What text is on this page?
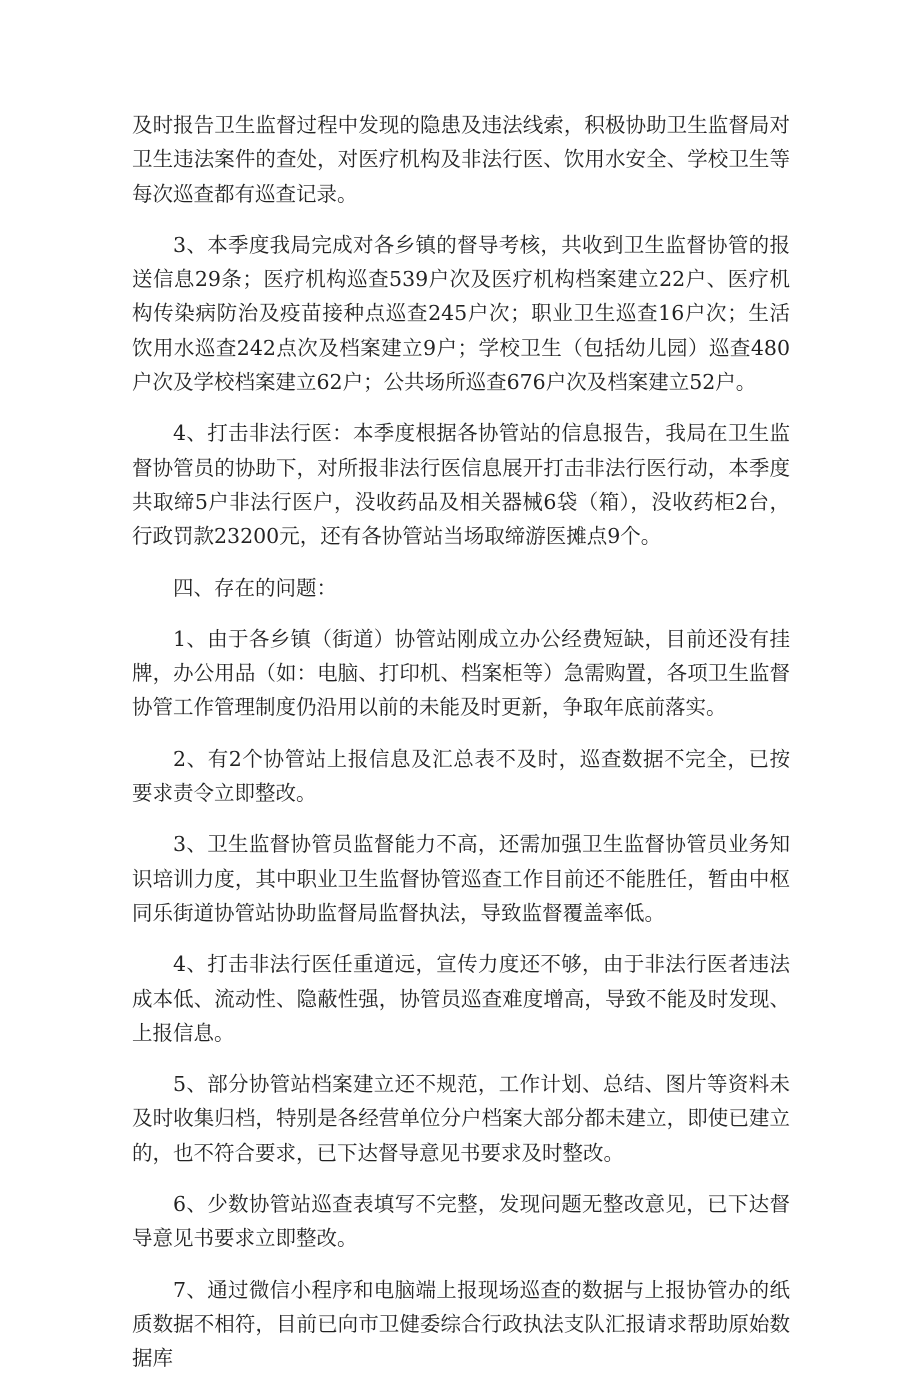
及时报告卫生监督过程中发现的隐患及违法线索，积极协助卫生监督局对卫生违法案件的查处，对医疗机构及非法行医、饮用水安全、学校卫生等每次巡查都有巡查记录。

3、本季度我局完成对各乡镇的督导考核，共收到卫生监督协管的报送信息29条；医疗机构巡查539户次及医疗机构档案建立22户、医疗机构传染病防治及疫苗接种点巡查245户次；职业卫生巡查16户次；生活饮用水巡查242点次及档案建立9户；学校卫生（包括幼儿园）巡查480户次及学校档案建立62户；公共场所巡查676户次及档案建立52户。

4、打击非法行医：本季度根据各协管站的信息报告，我局在卫生监督协管员的协助下，对所报非法行医信息展开打击非法行医行动，本季度共取缔5户非法行医户，没收药品及相关器械6袋（箱），没收药柜2台，行政罚款23200元，还有各协管站当场取缔游医摊点9个。

四、存在的问题：

1、由于各乡镇（街道）协管站刚成立办公经费短缺，目前还没有挂牌，办公用品（如：电脑、打印机、档案柜等）急需购置，各项卫生监督协管工作管理制度仍沿用以前的未能及时更新，争取年底前落实。

2、有2个协管站上报信息及汇总表不及时，巡查数据不完全，已按要求责令立即整改。

3、卫生监督协管员监督能力不高，还需加强卫生监督协管员业务知识培训力度，其中职业卫生监督协管巡查工作目前还不能胜任，暂由中枢同乐街道协管站协助监督局监督执法，导致监督覆盖率低。

4、打击非法行医任重道远，宣传力度还不够，由于非法行医者违法成本低、流动性、隐蔽性强，协管员巡查难度增高，导致不能及时发现、上报信息。

5、部分协管站档案建立还不规范，工作计划、总结、图片等资料未及时收集归档，特别是各经营单位分户档案大部分都未建立，即使已建立的，也不符合要求，已下达督导意见书要求及时整改。

6、少数协管站巡查表填写不完整，发现问题无整改意见，已下达督导意见书要求立即整改。

7、通过微信小程序和电脑端上报现场巡查的数据与上报协管办的纸质数据不相符，目前已向市卫健委综合行政执法支队汇报请求帮助原始数据库
